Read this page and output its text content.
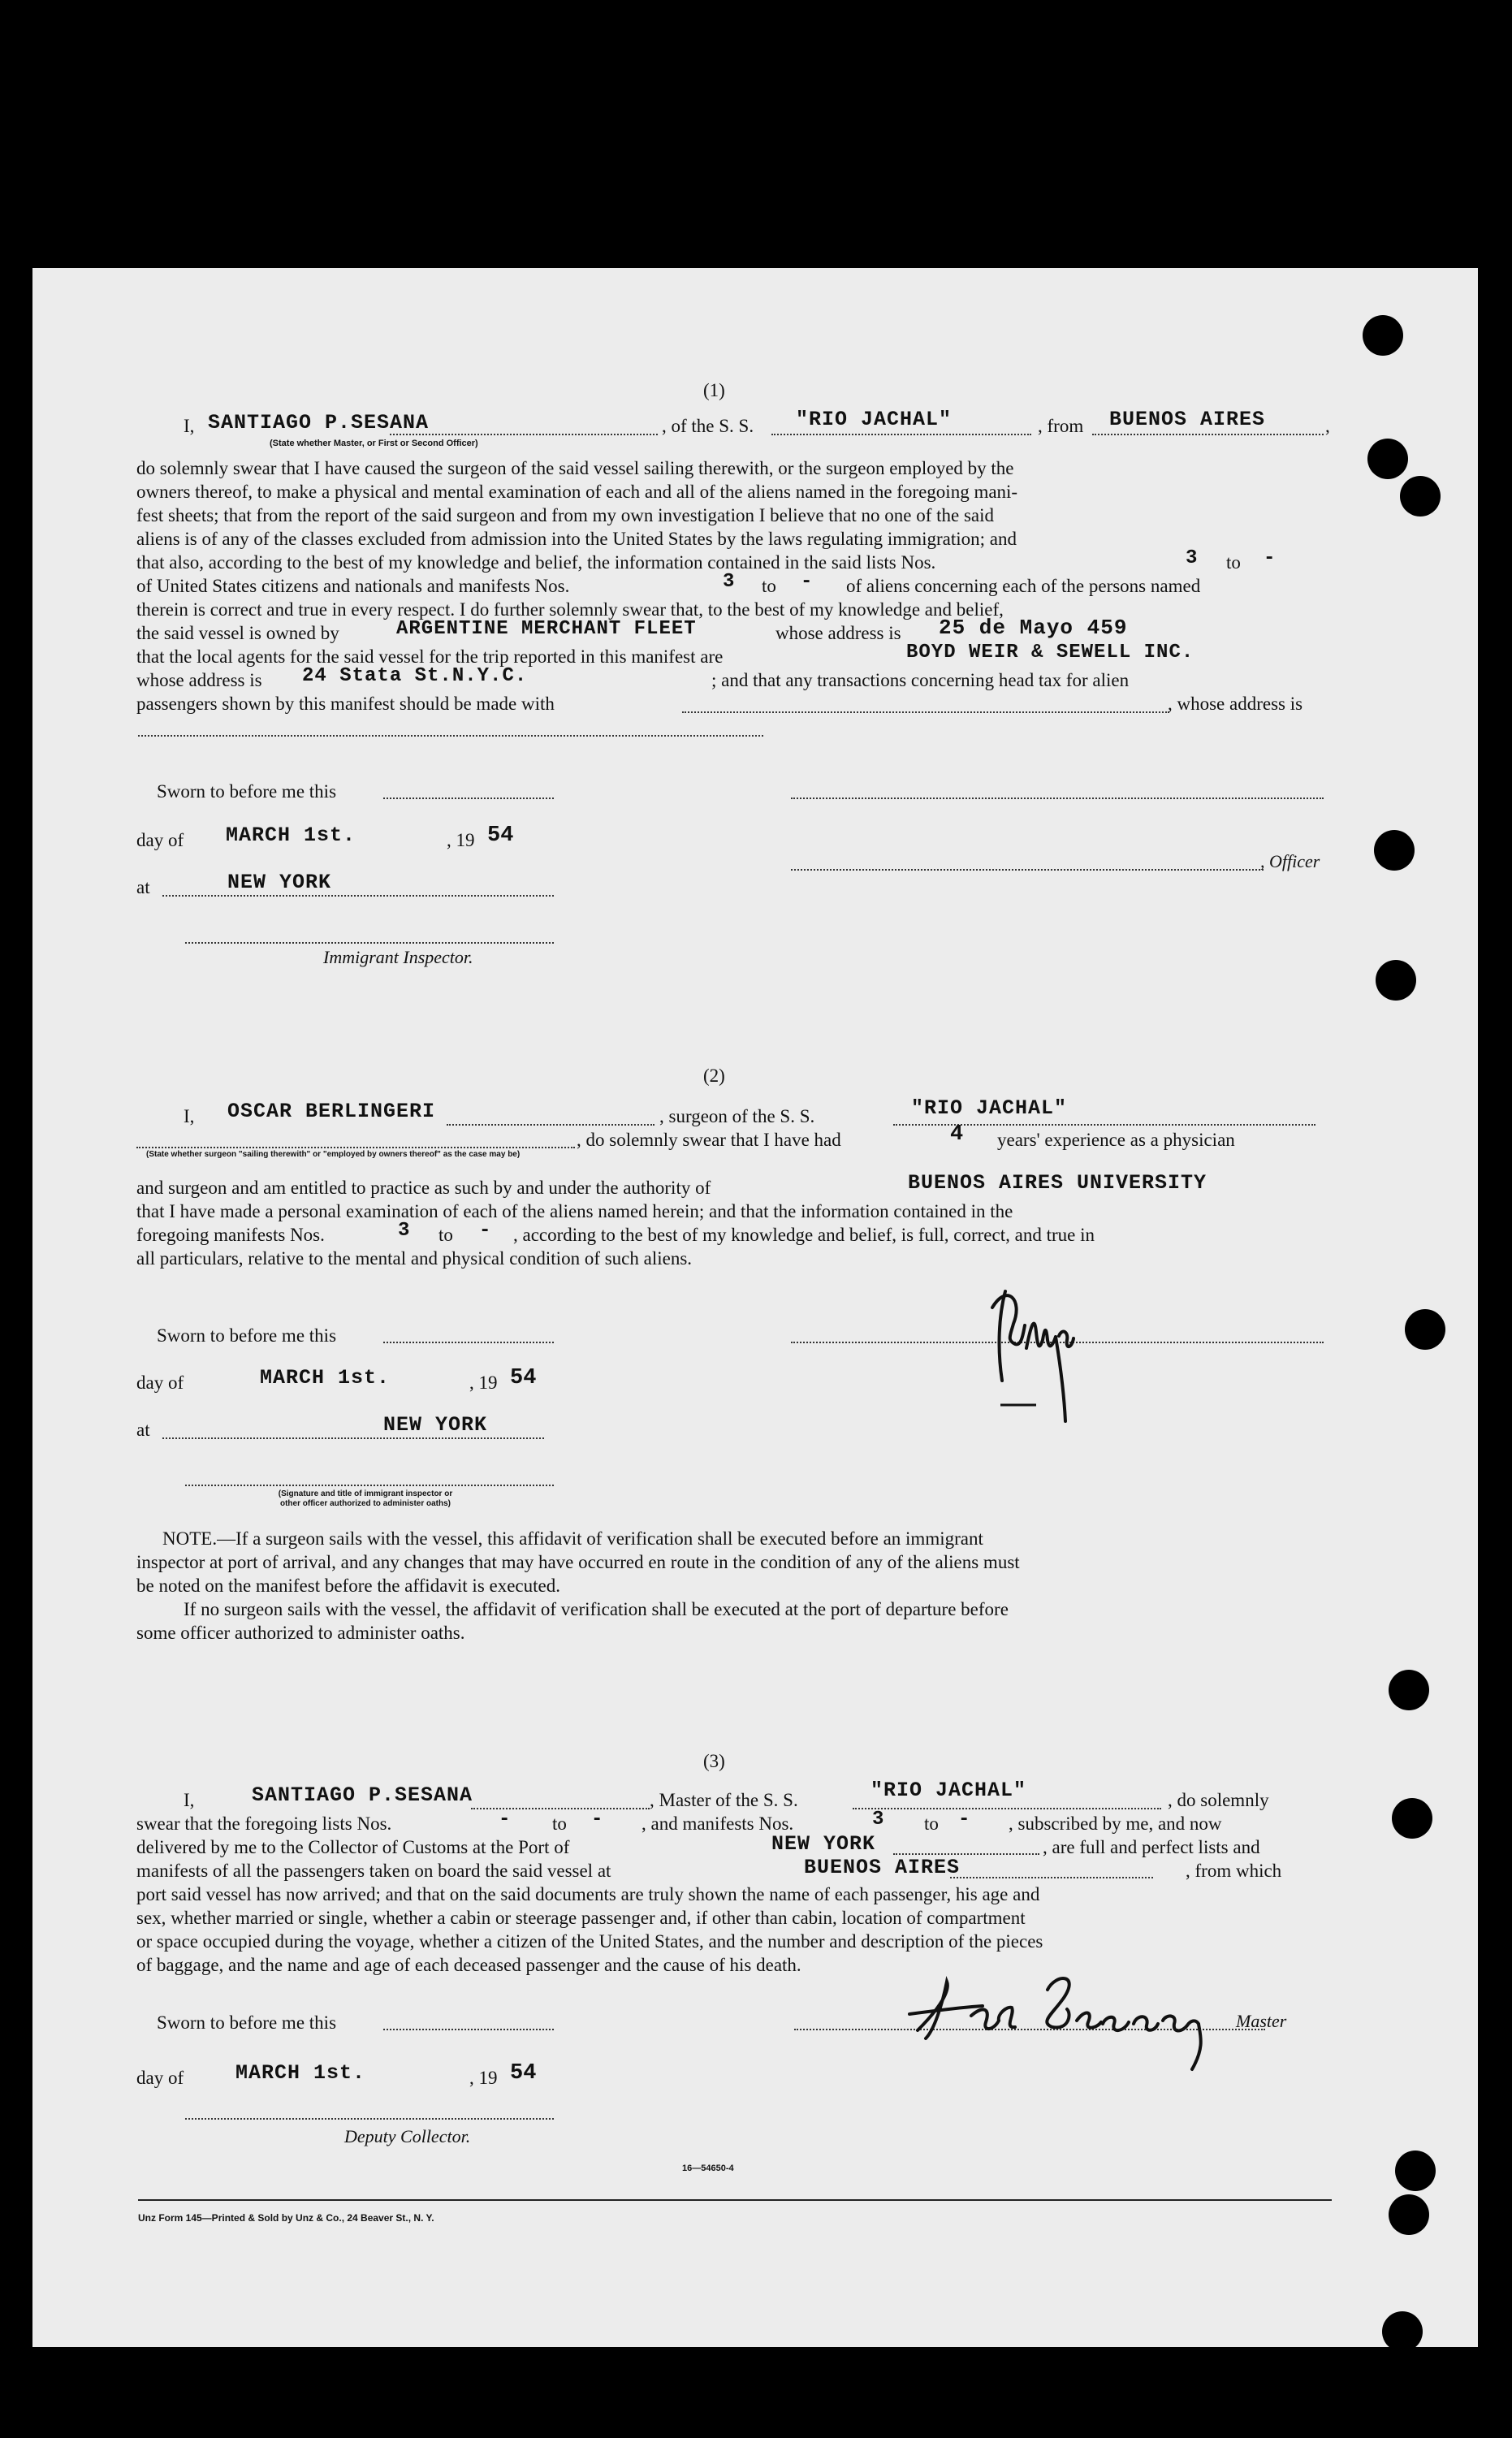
(1)
I, SANTIAGO P.SESANA	, of the S. S. "RIO JACHAL"	, from BUENOS AIRES	,
(State whether Master, or First or Second Officer)
do solemnly swear that I have caused the surgeon of the said vessel sailing therewith, or the surgeon employed by the
owners thereof, to make a physical and mental examination of each and all of the aliens named in the foregoing mani-
fest sheets; that from the report of the said surgeon and from my own investigation I believe that no one of the said
aliens is of any of the classes excluded from admission into the United States by the laws regulating immigration; and
that also, according to the best of my knowledge and belief, the information contained in the said lists Nos.	3 to -
of United States citizens and nationals and manifests Nos.	3 to - of aliens concerning each of the persons named
therein is correct and true in every respect. I do further solemnly swear that, to the best of my knowledge and belief,
the said vessel is owned by	ARGENTINE MERCHANT FLEET	whose address is 25 de Mayo 459
that the local agents for the said vessel for the trip reported in this manifest are	BOYD WEIR & SEWELL INC.
whose address is 24 Stata St.N.Y.C.	; and that any transactions concerning head tax for alien
passengers shown by this manifest should be made with	, whose address is
Sworn to before me this
day of MARCH 1st.	, 19 54
, Officer
at	NEW YORK
Immigrant Inspector.
(2)
I, OSCAR BERLINGERI	, surgeon of the S. S.	"RIO JACHAL"
, do solemnly swear that I have had	4 years' experience as a physician
(State whether surgeon "sailing therewith" or "employed by owners thereof" as the case may be)
and surgeon and am entitled to practice as such by and under the authority of	BUENOS AIRES UNIVERSITY
that I have made a personal examination of each of the aliens named herein; and that the information contained in the
foregoing manifests Nos.	3 to - , according to the best of my knowledge and belief, is full, correct, and true in
all particulars, relative to the mental and physical condition of such aliens.
Sworn to before me this
day of	MARCH 1st.	, 19 54
at	NEW YORK
(Signature and title of immigrant inspector or
other officer authorized to administer oaths)
NOTE.—If a surgeon sails with the vessel, this affidavit of verification shall be executed before an immigrant
inspector at port of arrival, and any changes that may have occurred en route in the condition of any of the aliens must
be noted on the manifest before the affidavit is executed.
If no surgeon sails with the vessel, the affidavit of verification shall be executed at the port of departure before
some officer authorized to administer oaths.
(3)
I,	SANTIAGO P.SESANA	, Master of the S. S.	"RIO JACHAL"	, do solemnly
swear that the foregoing lists Nos.	- to - , and manifests Nos.	3 to - , subscribed by me, and now
delivered by me to the Collector of Customs at the Port of	NEW YORK	, are full and perfect lists and
manifests of all the passengers taken on board the said vessel at	BUENOS AIRES	, from which
port said vessel has now arrived; and that on the said documents are truly shown the name of each passenger, his age and
sex, whether married or single, whether a cabin or steerage passenger and, if other than cabin, location of compartment
or space occupied during the voyage, whether a citizen of the United States, and the number and description of the pieces
of baggage, and the name and age of each deceased passenger and the cause of his death.
Sworn to before me this	Master
day of	MARCH 1st.	, 19 54
Deputy Collector.
16—54650-4
Unz Form 145—Printed & Sold by Unz & Co., 24 Beaver St., N. Y.
